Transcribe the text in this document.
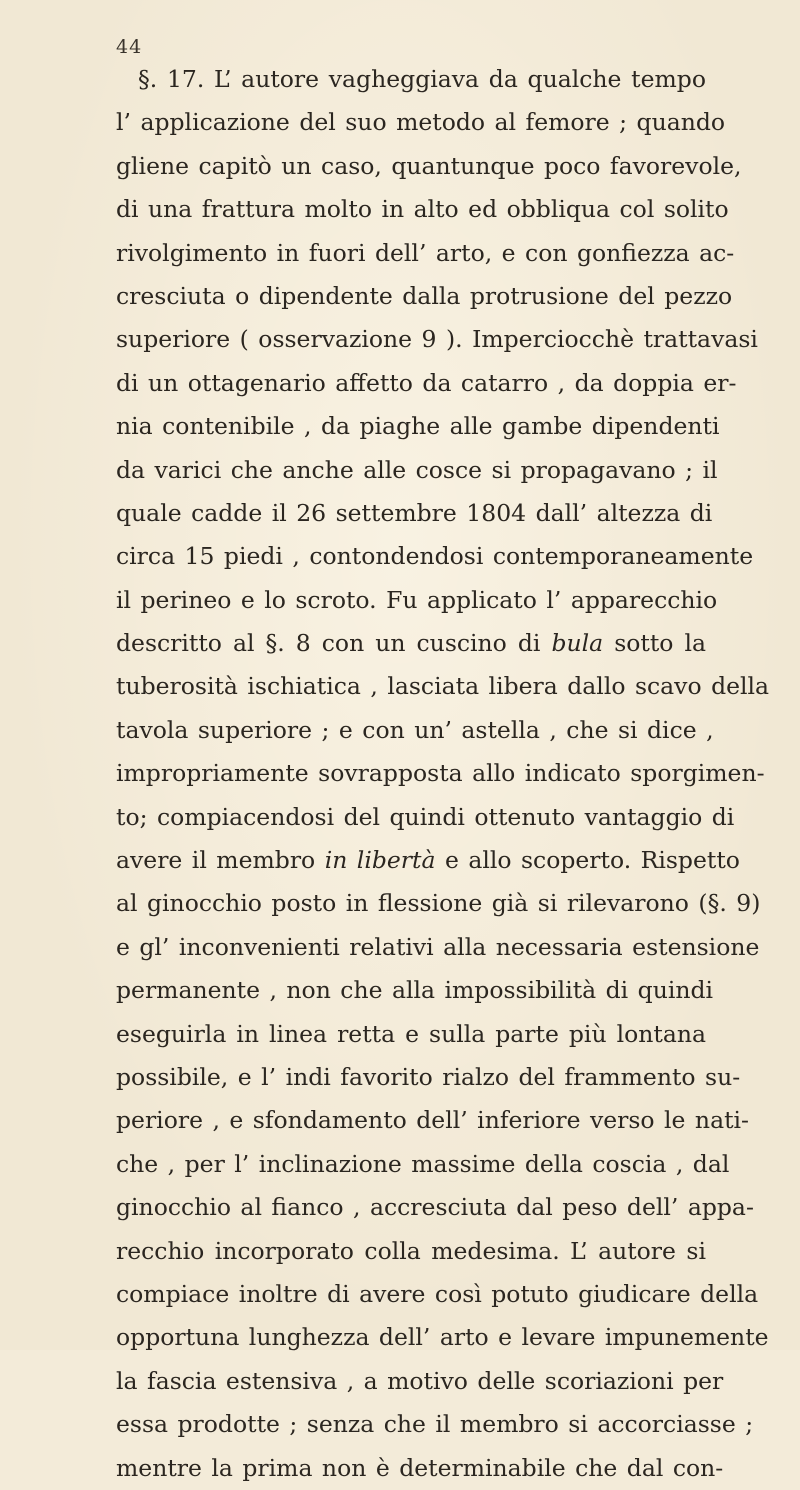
44
§. 17. L’ autore vagheggiava da qualche tempo
l’ applicazione del suo metodo al femore ; quando
gliene capitò un caso, quantunque poco favorevole,
di una frattura molto in alto ed obbliqua col solito
rivolgimento in fuori dell’ arto, e con gonfiezza ac-
cresciuta o dipendente dalla protrusione del pezzo
superiore ( osservazione 9 ). Imperciocchè trattavasi
di un ottagenario affetto da catarro , da doppia er-
nia contenibile , da piaghe alle gambe dipendenti
da varici che anche alle cosce si propagavano ; il
quale cadde il 26 settembre 1804 dall’ altezza di
circa 15 piedi , contondendosi contemporaneamente
il perineo e lo scroto. Fu applicato l’ apparecchio
descritto al §. 8 con un cuscino di bula sotto la
tuberosità ischiatica , lasciata libera dallo scavo della
tavola superiore ; e con un’ astella , che si dice ,
impropriamente sovrapposta allo indicato sporgimen-
to; compiacendosi del quindi ottenuto vantaggio di
avere il membro in libertà e allo scoperto. Rispetto
al ginocchio posto in flessione già si rilevarono (§. 9)
e gl’ inconvenienti relativi alla necessaria estensione
permanente , non che alla impossibilità di quindi
eseguirla in linea retta e sulla parte più lontana
possibile, e l’ indi favorito rialzo del frammento su-
periore , e sfondamento dell’ inferiore verso le nati-
che , per l’ inclinazione massime della coscia , dal
ginocchio al fianco , accresciuta dal peso dell’ appa-
recchio incorporato colla medesima. L’ autore si
compiace inoltre di avere così potuto giudicare della
opportuna lunghezza dell’ arto e levare impunemente
la fascia estensiva , a motivo delle scoriazioni per
essa prodotte ; senza che il membro si accorciasse ;
mentre la prima non è determinabile che dal con-
